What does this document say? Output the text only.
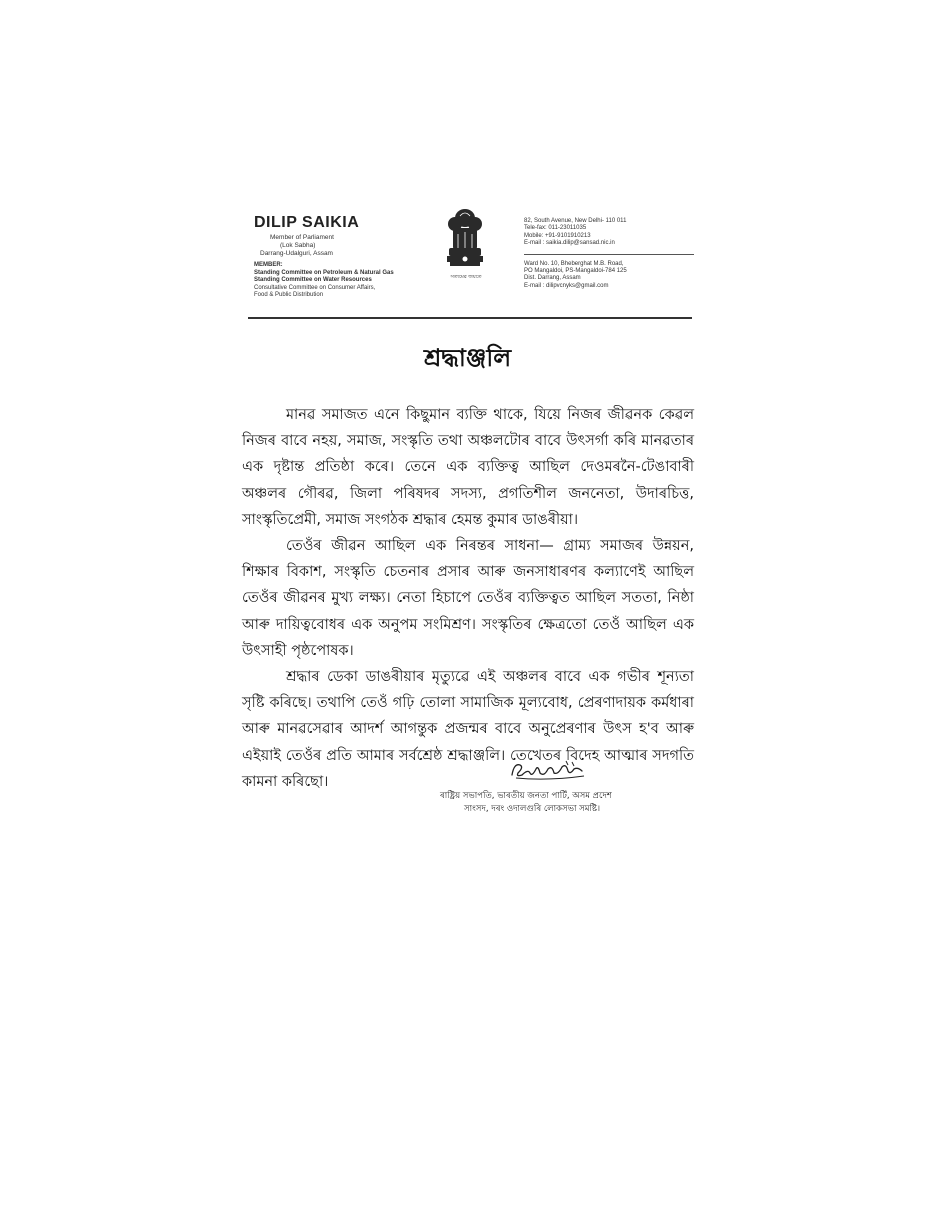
DILIP SAIKIA
Member of Parliament
(Lok Sabha)
Darrang-Udalguri, Assam
MEMBER:
Standing Committee on Petroleum & Natural Gas
Standing Committee on Water Resources
Consultative Committee on Consumer Affairs,
Food & Public Distribution
সত্যমেৱ জয়তে
82, South Avenue, New Delhi- 110 011
Tele-fax: 011-23011035
Mobile: +91-9101910213
E-mail : saikia.dilip@sansad.nic.in
Ward No. 10, Bheberghat M.B. Road,
PO Mangaldoi, PS-Mangaldoi-784 125
Dist. Darrang, Assam
E-mail : dilipvcnyks@gmail.com
শ্ৰদ্ধাঞ্জলি

মানৱ সমাজত এনে কিছুমান ব্যক্তি থাকে, যিয়ে নিজৰ জীৱনক কেৱল নিজৰ বাবে নহয়, সমাজ, সংস্কৃতি তথা অঞ্চলটোৰ বাবে উৎসৰ্গা কৰি মানৱতাৰ এক দৃষ্টান্ত প্ৰতিষ্ঠা কৰে। তেনে এক ব্যক্তিত্ব আছিল দেওমৰনৈ-টেঙাবাৰী অঞ্চলৰ গৌৰৱ, জিলা পৰিষদৰ সদস্য, প্ৰগতিশীল জননেতা, উদাৰচিত্ত, সাংস্কৃতিপ্ৰেমী, সমাজ সংগঠক শ্ৰদ্ধাৰ হেমন্ত কুমাৰ ডাঙৰীয়া।

তেওঁৰ জীৱন আছিল এক নিৰন্তৰ সাধনা— গ্ৰাম্য সমাজৰ উন্নয়ন, শিক্ষাৰ বিকাশ, সংস্কৃতি চেতনাৰ প্ৰসাৰ আৰু জনসাধাৰণৰ কল্যাণেই আছিল তেওঁৰ জীৱনৰ মুখ্য লক্ষ্য। নেতা হিচাপে তেওঁৰ ব্যক্তিত্বত আছিল সততা, নিষ্ঠা আৰু দায়িত্ববোধৰ এক অনুপম সংমিশ্ৰণ। সংস্কৃতিৰ ক্ষেত্ৰতো তেওঁ আছিল এক উৎসাহী পৃষ্ঠপোষক।

শ্ৰদ্ধাৰ ডেকা ডাঙৰীয়াৰ মৃত্যুৱে এই অঞ্চলৰ বাবে এক গভীৰ শূন্যতা সৃষ্টি কৰিছে। তথাপি তেওঁ গঢ়ি তোলা সামাজিক মূল্যবোধ, প্ৰেৰণাদায়ক কৰ্মধাৰা আৰু মানৱসেৱাৰ আদৰ্শ আগন্তুক প্ৰজন্মৰ বাবে অনুপ্ৰেৰণাৰ উৎস হ'ব আৰু এইয়াই তেওঁৰ প্ৰতি আমাৰ সৰ্বশ্ৰেষ্ঠ শ্ৰদ্ধাঞ্জলি। তেখেতৰ বিদেহ আত্মাৰ সদগতি কামনা কৰিছো।

ৰাষ্ট্ৰিয় সভাপতি, ভাৰতীয় জনতা পাৰ্টি, অসম প্ৰদেশ
সাংসদ, দৰং ওদালগুৰি লোকসভা সমষ্টি।
